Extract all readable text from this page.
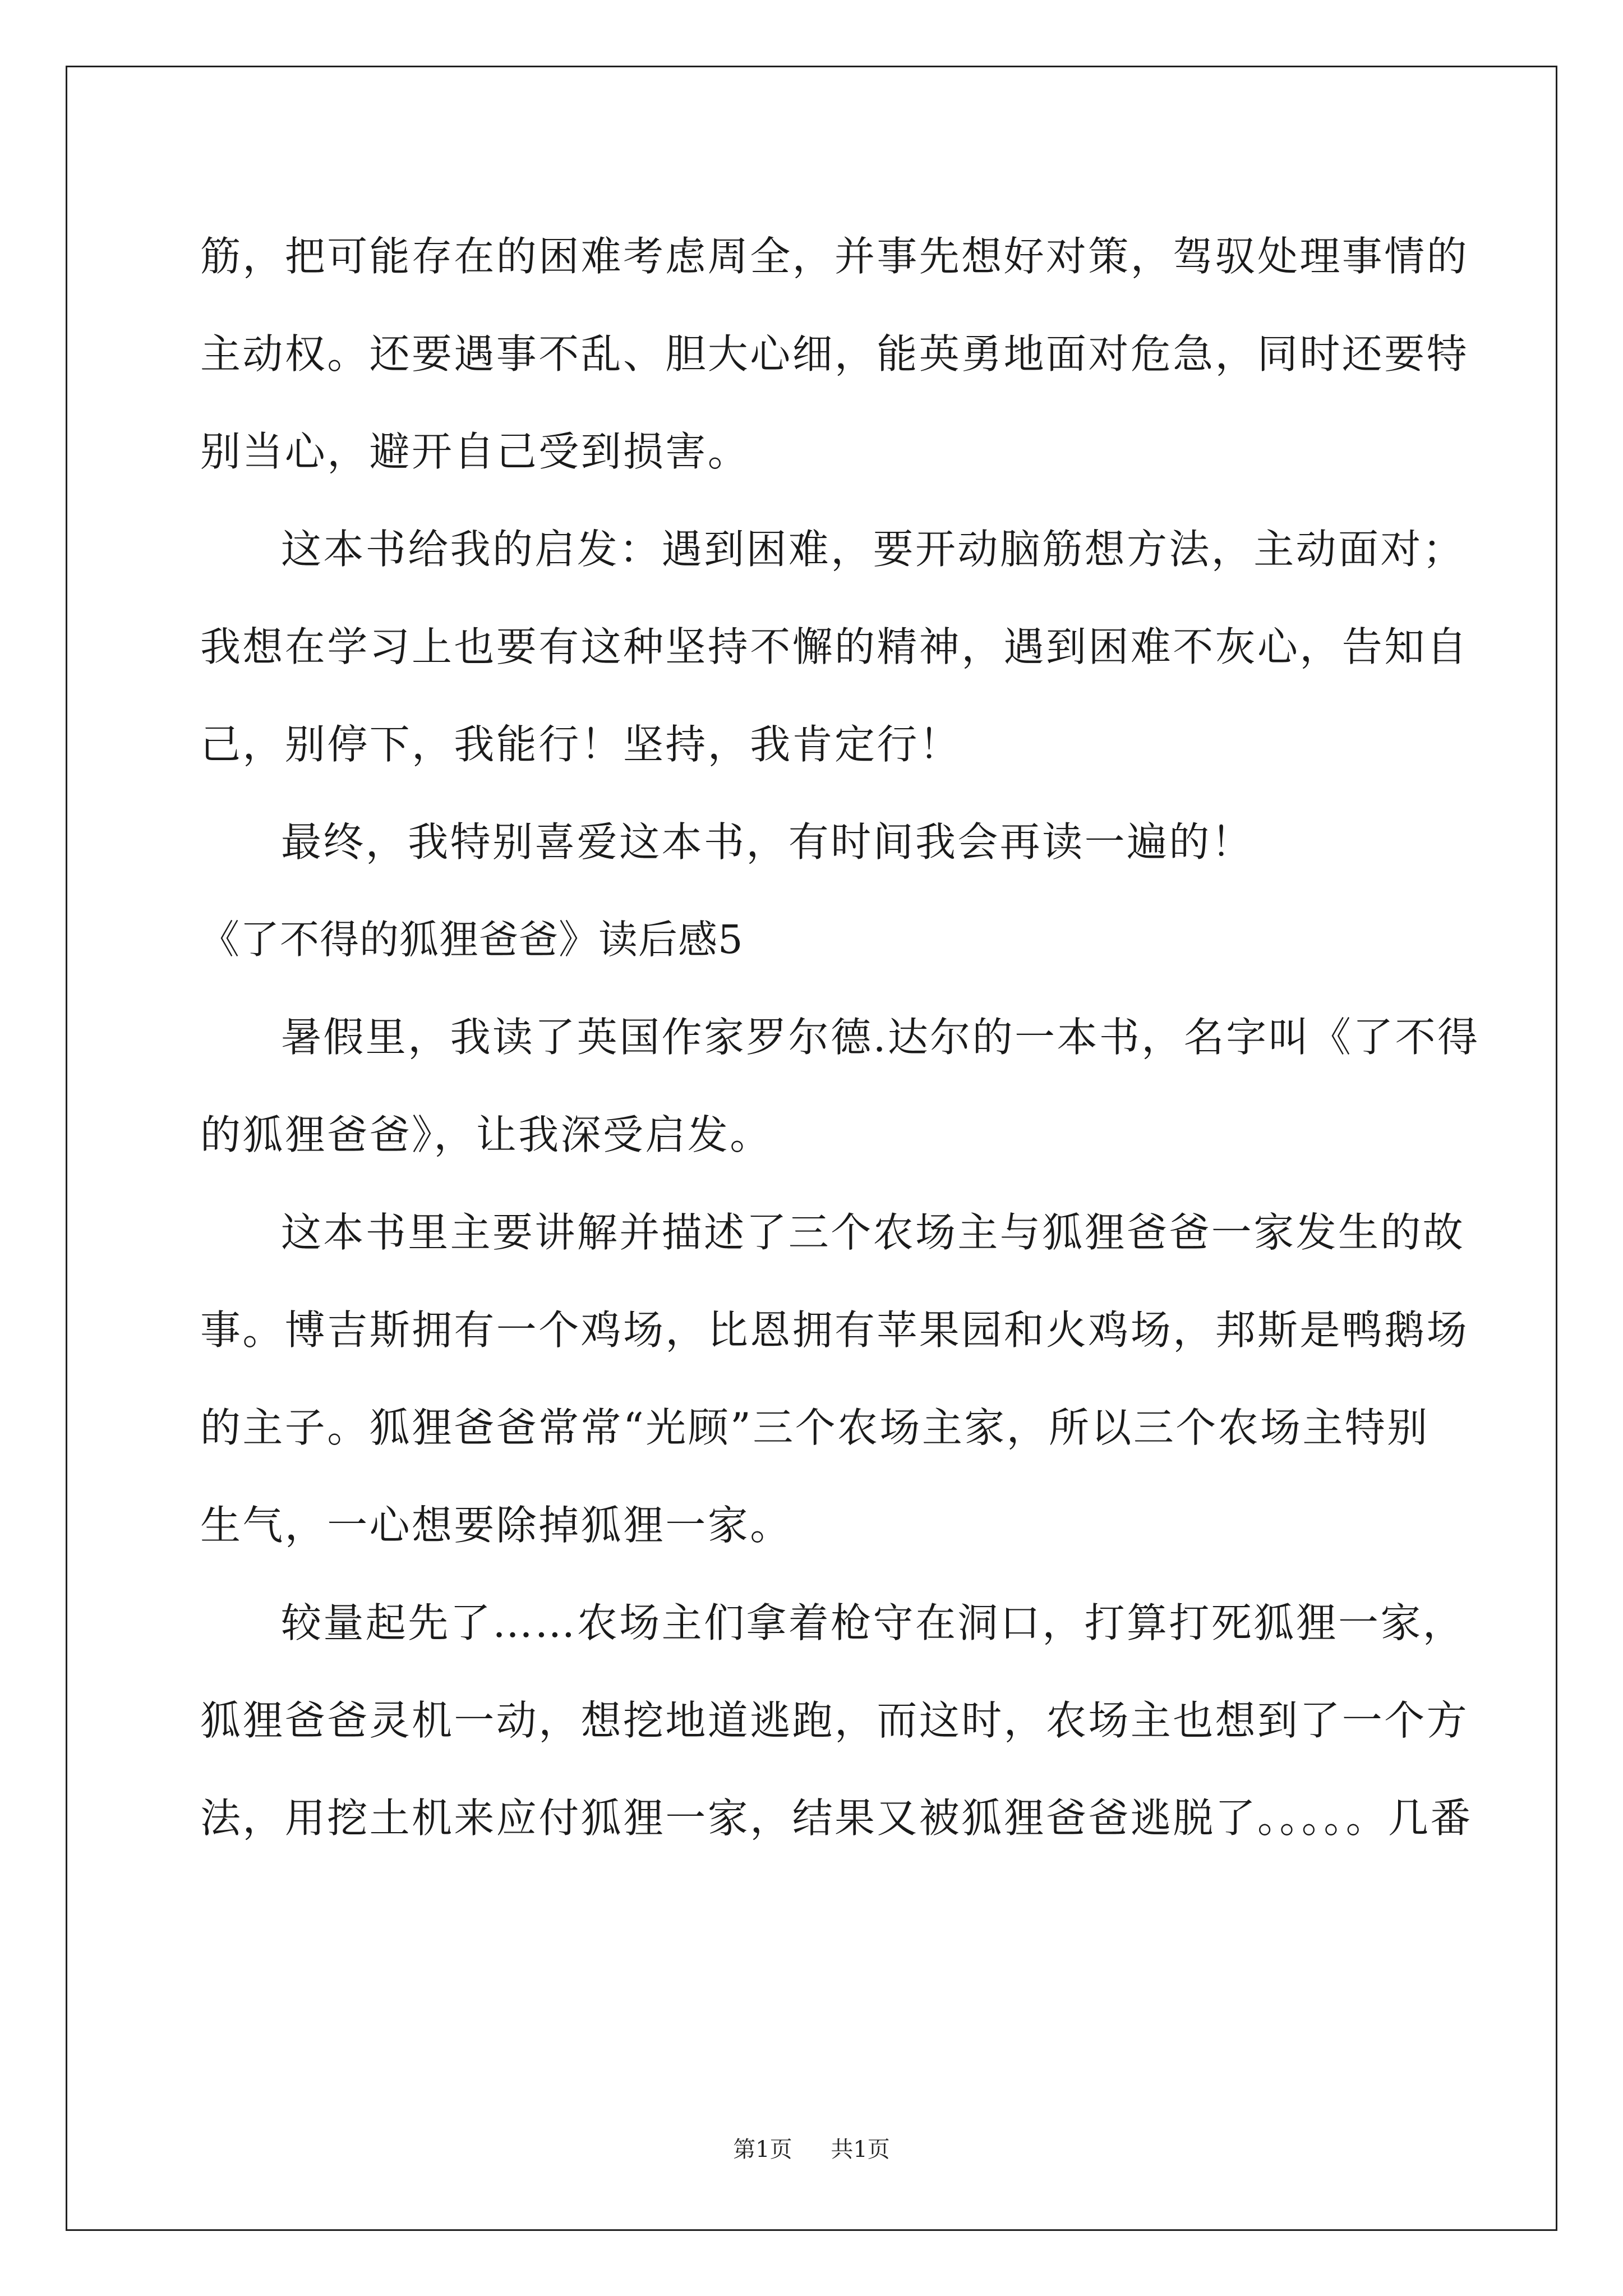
筋，把可能存在的困难考虑周全，并事先想好对策，驾驭处理事情的
主动权。还要遇事不乱、胆大心细，能英勇地面对危急，同时还要特
别当心，避开自己受到损害。
这本书给我的启发：遇到困难，要开动脑筋想方法，主动面对；
我想在学习上也要有这种坚持不懈的精神，遇到困难不灰心，告知自
己，别停下，我能行！坚持，我肯定行！
最终，我特别喜爱这本书，有时间我会再读一遍的！
《了不得的狐狸爸爸》读后感5
暑假里，我读了英国作家罗尔德.达尔的一本书，名字叫《了不得
的狐狸爸爸》，让我深受启发。
这本书里主要讲解并描述了三个农场主与狐狸爸爸一家发生的故
事。博吉斯拥有一个鸡场，比恩拥有苹果园和火鸡场，邦斯是鸭鹅场
的主子。狐狸爸爸常常“光顾”三个农场主家，所以三个农场主特别
生气，一心想要除掉狐狸一家。
较量起先了……农场主们拿着枪守在洞口，打算打死狐狸一家，
狐狸爸爸灵机一动，想挖地道逃跑，而这时，农场主也想到了一个方
法，用挖土机来应付狐狸一家，结果又被狐狸爸爸逃脱了。。。。。几番
第1页 共1页
